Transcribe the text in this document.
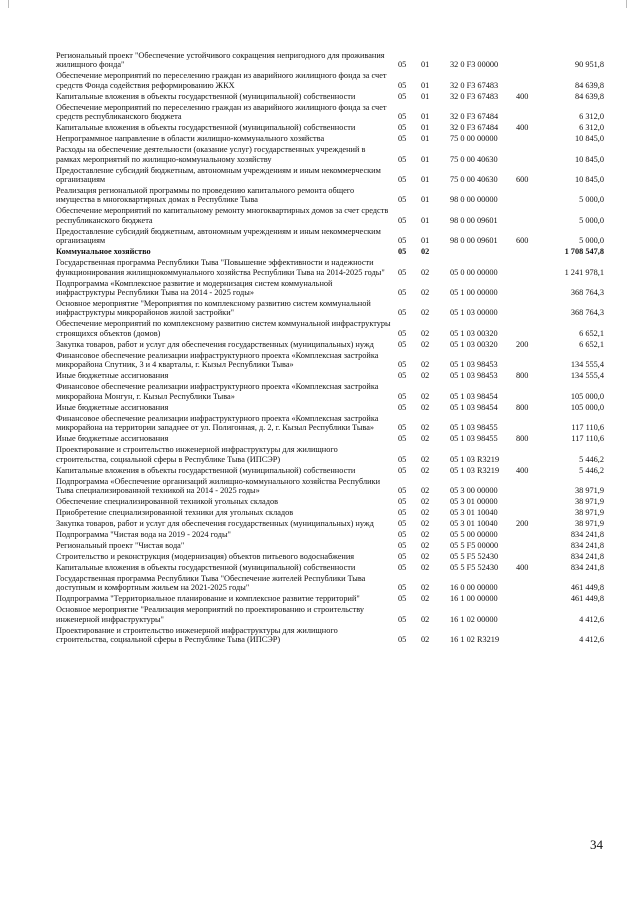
Региональный проект "Обеспечение устойчивого сокращения непригодного для проживания жилищного фонда"	05	01	32 0 F3 00000	90 951,8
Обеспечение мероприятий по переселению граждан из аварийного жилищного фонда за счет средств Фонда содействия реформированию ЖКХ	05	01	32 0 F3 67483	84 639,8
Капитальные вложения в объекты государственной (муниципальной) собственности	05	01	32 0 F3 67483	400	84 639,8
Обеспечение мероприятий по переселению граждан из аварийного жилищного фонда за счет средств республиканского бюджета	05	01	32 0 F3 67484	6 312,0
Капитальные вложения в объекты государственной (муниципальной) собственности	05	01	32 0 F3 67484	400	6 312,0
Непрограммное направление в области жилищно-коммунального хозяйства	05	01	75 0 00 00000	10 845,0
Расходы на обеспечение деятельности (оказание услуг) государственных учреждений в рамках мероприятий по жилищно-коммунальному хозяйству	05	01	75 0 00 40630	10 845,0
Предоставление субсидий бюджетным, автономным учреждениям и иным некоммерческим организациям	05	01	75 0 00 40630	600	10 845,0
Реализация региональной программы по проведению капитального ремонта общего имущества в многоквартирных домах в Республике Тыва	05	01	98 0 00 00000	5 000,0
Обеспечение мероприятий по капитальному ремонту многоквартирных домов за счет средств республиканского бюджета	05	01	98 0 00 09601	5 000,0
Предоставление субсидий бюджетным, автономным учреждениям и иным некоммерческим организациям	05	01	98 0 00 09601	600	5 000,0
Коммунальное хозяйство	05	02	1 708 547,8
Государственная программа Республики Тыва "Повышение эффективности и надежности функционирования жилищнокоммунального хозяйства Республики Тыва на 2014-2025 годы"	05	02	05 0 00 00000	1 241 978,1
Подпрограмма «Комплексное развитие и модернизация систем коммунальной инфраструктуры Республики Тыва на 2014 - 2025 годы»	05	02	05 1 00 00000	368 764,3
Основное мероприятие "Мероприятия по комплексному развитию систем коммунальной инфраструктуры микрорайонов жилой застройки"	05	02	05 1 03 00000	368 764,3
Обеспечение мероприятий по комплексному развитию систем коммунальной инфраструктуры строящихся объектов (домов)	05	02	05 1 03 00320	6 652,1
Закупка товаров, работ и услуг для обеспечения государственных (муниципальных) нужд	05	02	05 1 03 00320	200	6 652,1
Финансовое обеспечение реализации инфраструктурного проекта «Комплексная застройка микрорайона Спутник, 3 и 4 кварталы, г. Кызыл Республики Тыва»	05	02	05 1 03 98453	134 555,4
Иные бюджетные ассигнования	05	02	05 1 03 98453	800	134 555,4
Финансовое обеспечение реализации инфраструктурного проекта «Комплексная застройка микрорайона Монгун, г. Кызыл Республики Тыва»	05	02	05 1 03 98454	105 000,0
Иные бюджетные ассигнования	05	02	05 1 03 98454	800	105 000,0
Финансовое обеспечение реализации инфраструктурного проекта «Комплексная застройка микрорайона на территории западнее от ул. Полигонная, д. 2, г. Кызыл Республики Тыва»	05	02	05 1 03 98455	117 110,6
Иные бюджетные ассигнования	05	02	05 1 03 98455	800	117 110,6
Проектирование и строительство инженерной инфраструктуры для жилищного строительства, социальной сферы в Республике Тыва (ИПСЭР)	05	02	05 1 03 R3219	5 446,2
Капитальные вложения в объекты государственной (муниципальной) собственности	05	02	05 1 03 R3219	400	5 446,2
Подпрограмма «Обеспечение организаций жилищно-коммунального хозяйства Республики Тыва специализированной техникой на 2014 - 2025 годы»	05	02	05 3 00 00000	38 971,9
Обеспечение специализированной техникой угольных складов	05	02	05 3 01 00000	38 971,9
Приобретение специализированной техники для угольных складов	05	02	05 3 01 10040	38 971,9
Закупка товаров, работ и услуг для обеспечения государственных (муниципальных) нужд	05	02	05 3 01 10040	200	38 971,9
Подпрограмма "Чистая вода на 2019 - 2024 годы"	05	02	05 5 00 00000	834 241,8
Региональный проект "Чистая вода"	05	02	05 5 F5 00000	834 241,8
Строительство и реконструкция (модернизация) объектов питьевого водоснабжения	05	02	05 5 F5 52430	834 241,8
Капитальные вложения в объекты государственной (муниципальной) собственности	05	02	05 5 F5 52430	400	834 241,8
Государственная программа Республики Тыва "Обеспечение жителей Республики Тыва доступным и комфортным жильем на 2021-2025 годы"	05	02	16 0 00 00000	461 449,8
Подпрограмма "Территориальное планирование и комплексное развитие территорий"	05	02	16 1 00 00000	461 449,8
Основное мероприятие "Реализация мероприятий по проектированию и строительству инженерной инфраструктуры"	05	02	16 1 02 00000	4 412,6
Проектирование и строительство инженерной инфраструктуры для жилищного строительства, социальной сферы в Республике Тыва (ИПСЭР)	05	02	16 1 02 R3219	4 412,6
34
